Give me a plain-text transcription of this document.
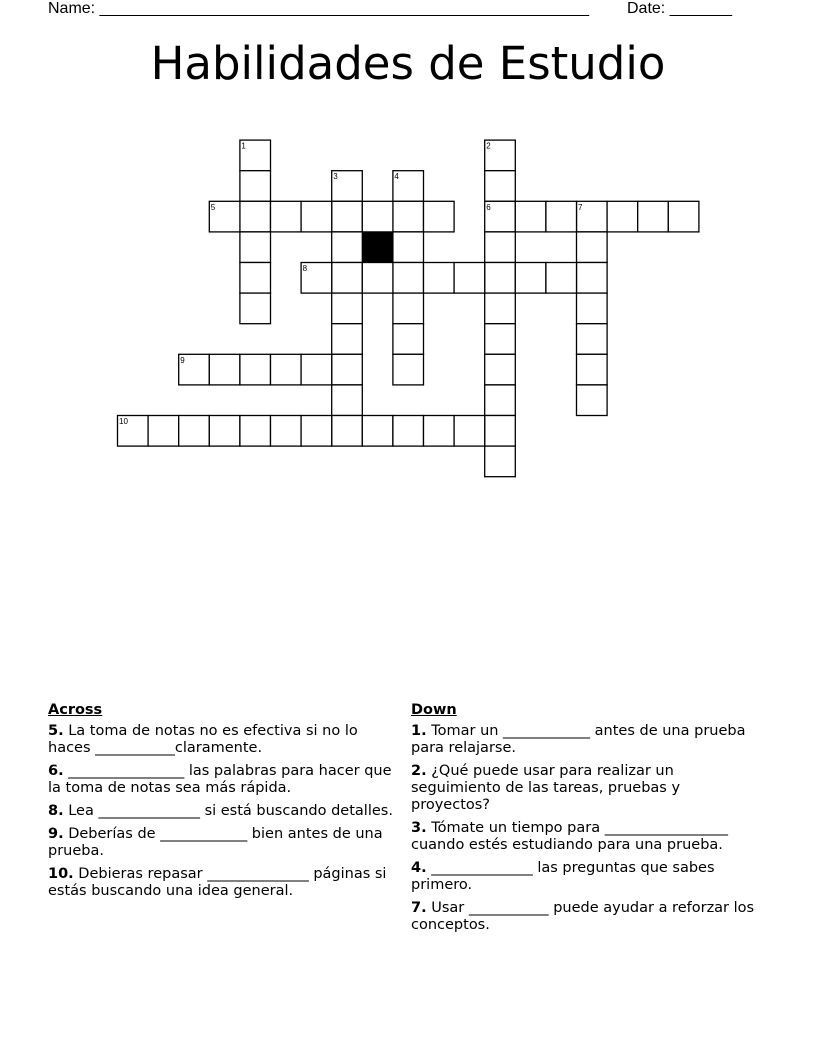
Name: _______________________________________________________ Date: _______
Habilidades de Estudio
1	2
3	4
5	6	7
8
9
10
Across
5. La toma de notas no es efectiva si no lo haces ___________claramente.
6. ________________ las palabras para hacer que la toma de notas sea más rápida.
8. Lea ______________ si está buscando detalles.
9. Deberías de ____________ bien antes de una prueba.
10. Debieras repasar ______________ páginas si estás buscando una idea general.
Down
1. Tomar un ____________ antes de una prueba para relajarse.
2. ¿Qué puede usar para realizar un seguimiento de las tareas, pruebas y proyectos?
3. Tómate un tiempo para _________________ cuando estés estudiando para una prueba.
4. ______________ las preguntas que sabes primero.
7. Usar ___________ puede ayudar a reforzar los conceptos.
